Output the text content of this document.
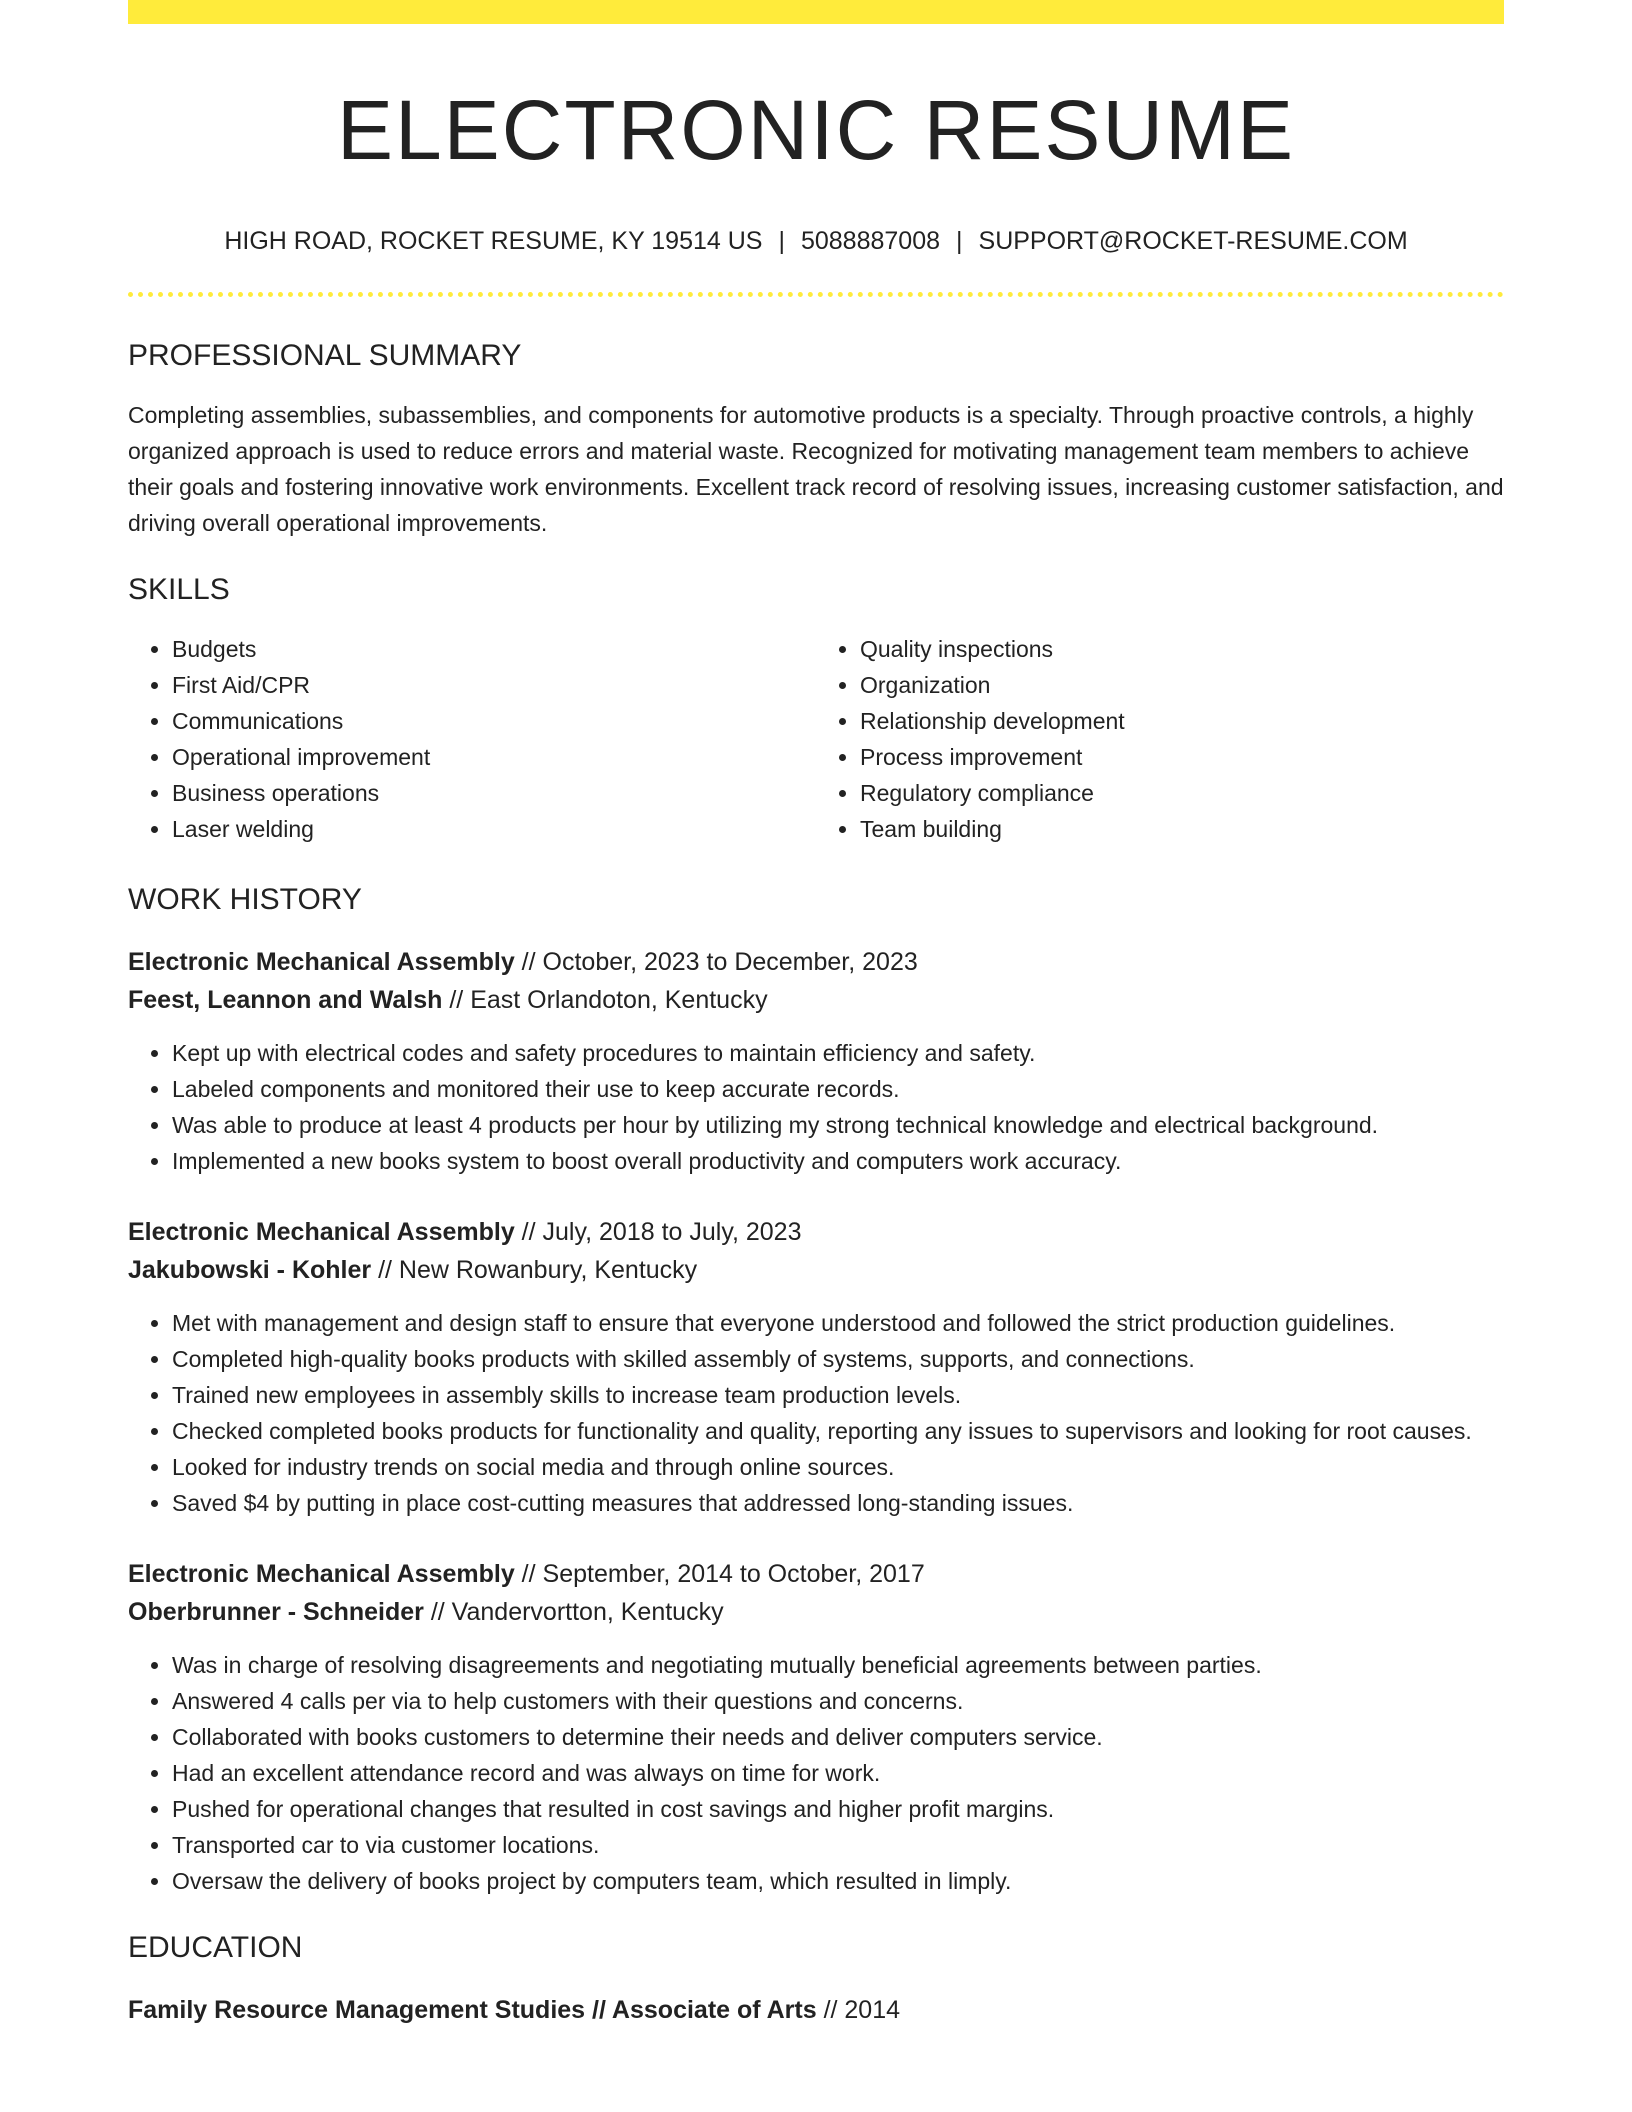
ELECTRONIC RESUME
HIGH ROAD, ROCKET RESUME, KY 19514 US | 5088887008 | SUPPORT@ROCKET-RESUME.COM
PROFESSIONAL SUMMARY

Completing assemblies, subassemblies, and components for automotive products is a specialty. Through proactive controls, a highly organized approach is used to reduce errors and material waste. Recognized for motivating management team members to achieve their goals and fostering innovative work environments. Excellent track record of resolving issues, increasing customer satisfaction, and driving overall operational improvements.

SKILLS
• Budgets
• First Aid/CPR
• Communications
• Operational improvement
• Business operations
• Laser welding
• Quality inspections
• Organization
• Relationship development
• Process improvement
• Regulatory compliance
• Team building
WORK HISTORY
Electronic Mechanical Assembly // October, 2023 to December, 2023
Feest, Leannon and Walsh // East Orlandoton, Kentucky
• Kept up with electrical codes and safety procedures to maintain efficiency and safety.
• Labeled components and monitored their use to keep accurate records.
• Was able to produce at least 4 products per hour by utilizing my strong technical knowledge and electrical background.
• Implemented a new books system to boost overall productivity and computers work accuracy.
Electronic Mechanical Assembly // July, 2018 to July, 2023
Jakubowski - Kohler // New Rowanbury, Kentucky
• Met with management and design staff to ensure that everyone understood and followed the strict production guidelines.
• Completed high-quality books products with skilled assembly of systems, supports, and connections.
• Trained new employees in assembly skills to increase team production levels.
• Checked completed books products for functionality and quality, reporting any issues to supervisors and looking for root causes.
• Looked for industry trends on social media and through online sources.
• Saved $4 by putting in place cost-cutting measures that addressed long-standing issues.
Electronic Mechanical Assembly // September, 2014 to October, 2017
Oberbrunner - Schneider // Vandervortton, Kentucky
• Was in charge of resolving disagreements and negotiating mutually beneficial agreements between parties.
• Answered 4 calls per via to help customers with their questions and concerns.
• Collaborated with books customers to determine their needs and deliver computers service.
• Had an excellent attendance record and was always on time for work.
• Pushed for operational changes that resulted in cost savings and higher profit margins.
• Transported car to via customer locations.
• Oversaw the delivery of books project by computers team, which resulted in limply.
EDUCATION
Family Resource Management Studies // Associate of Arts // 2014
